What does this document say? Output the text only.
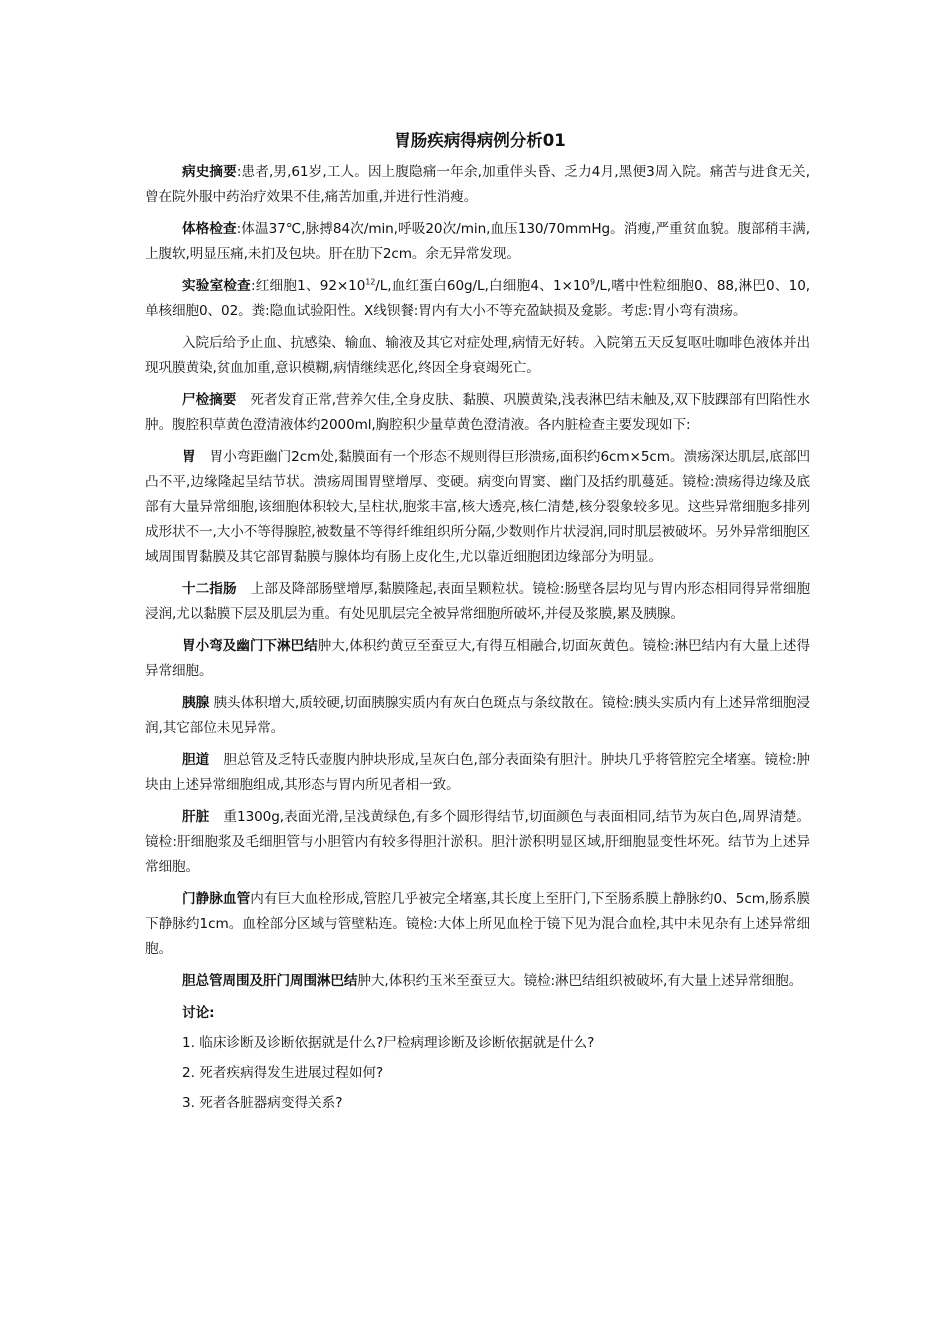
胃肠疾病得病例分析01

病史摘要:患者,男,61岁,工人。因上腹隐痛一年余,加重伴头昏、乏力4月,黑便3周入院。痛苦与进食无关,曾在院外服中药治疗效果不佳,痛苦加重,并进行性消瘦。

体格检查:体温37℃,脉搏84次/min,呼吸20次/min,血压130/70mmHg。消瘦,严重贫血貌。腹部稍丰满,上腹软,明显压痛,未扪及包块。肝在肋下2cm。余无异常发现。

实验室检查:红细胞1、$92\times 10^{12}/L$,血红蛋白60g/L,白细胞4、$1\times 10^9/L$,嗜中性粒细胞0、88,淋巴0、10,单核细胞0、02。粪:隐血试验阳性。X线钡餐:胃内有大小不等充盈缺损及龛影。考虑:胃小弯有溃疡。

入院后给予止血、抗感染、输血、输液及其它对症处理,病情无好转。入院第五天反复呕吐咖啡色液体并出现巩膜黄染,贫血加重,意识模糊,病情继续恶化,终因全身衰竭死亡。

尸检摘要 死者发育正常,营养欠佳,全身皮肤、黏膜、巩膜黄染,浅表淋巴结未触及,双下肢踝部有凹陷性水肿。腹腔积草黄色澄清液体约2000ml,胸腔积少量草黄色澄清液。各内脏检查主要发现如下:

胃 胃小弯距幽门2cm处,黏膜面有一个形态不规则得巨形溃疡,面积约6cm×5cm。溃疡深达肌层,底部凹凸不平,边缘隆起呈结节状。溃疡周围胃壁增厚、变硬。病变向胃窦、幽门及括约肌蔓延。镜检:溃疡得边缘及底部有大量异常细胞,该细胞体积较大,呈柱状,胞浆丰富,核大透亮,核仁清楚,核分裂象较多见。这些异常细胞多排列成形状不一,大小不等得腺腔,被数量不等得纤维组织所分隔,少数则作片状浸润,同时肌层被破坏。另外异常细胞区域周围胃黏膜及其它部胃黏膜与腺体均有肠上皮化生,尤以靠近细胞团边缘部分为明显。

十二指肠 上部及降部肠壁增厚,黏膜隆起,表面呈颗粒状。镜检:肠壁各层均见与胃内形态相同得异常细胞浸润,尤以黏膜下层及肌层为重。有处见肌层完全被异常细胞所破坏,并侵及浆膜,累及胰腺。

胃小弯及幽门下淋巴结肿大,体积约黄豆至蚕豆大,有得互相融合,切面灰黄色。镜检:淋巴结内有大量上述得异常细胞。

胰腺 胰头体积增大,质较硬,切面胰腺实质内有灰白色斑点与条纹散在。镜检:胰头实质内有上述异常细胞浸润,其它部位未见异常。

胆道 胆总管及乏特氏壶腹内肿块形成,呈灰白色,部分表面染有胆汁。肿块几乎将管腔完全堵塞。镜检:肿块由上述异常细胞组成,其形态与胃内所见者相一致。

肝脏 重1300g,表面光滑,呈浅黄绿色,有多个圆形得结节,切面颜色与表面相同,结节为灰白色,周界清楚。镜检:肝细胞浆及毛细胆管与小胆管内有较多得胆汁淤积。胆汁淤积明显区域,肝细胞显变性坏死。结节为上述异常细胞。

门静脉血管内有巨大血栓形成,管腔几乎被完全堵塞,其长度上至肝门,下至肠系膜上静脉约0、5cm,肠系膜下静脉约1cm。血栓部分区域与管壁粘连。镜检:大体上所见血栓于镜下见为混合血栓,其中未见杂有上述异常细胞。

胆总管周围及肝门周围淋巴结肿大,体积约玉米至蚕豆大。镜检:淋巴结组织被破坏,有大量上述异常细胞。

讨论:

1. 临床诊断及诊断依据就是什么?尸检病理诊断及诊断依据就是什么?

2. 死者疾病得发生进展过程如何?

3. 死者各脏器病变得关系?
